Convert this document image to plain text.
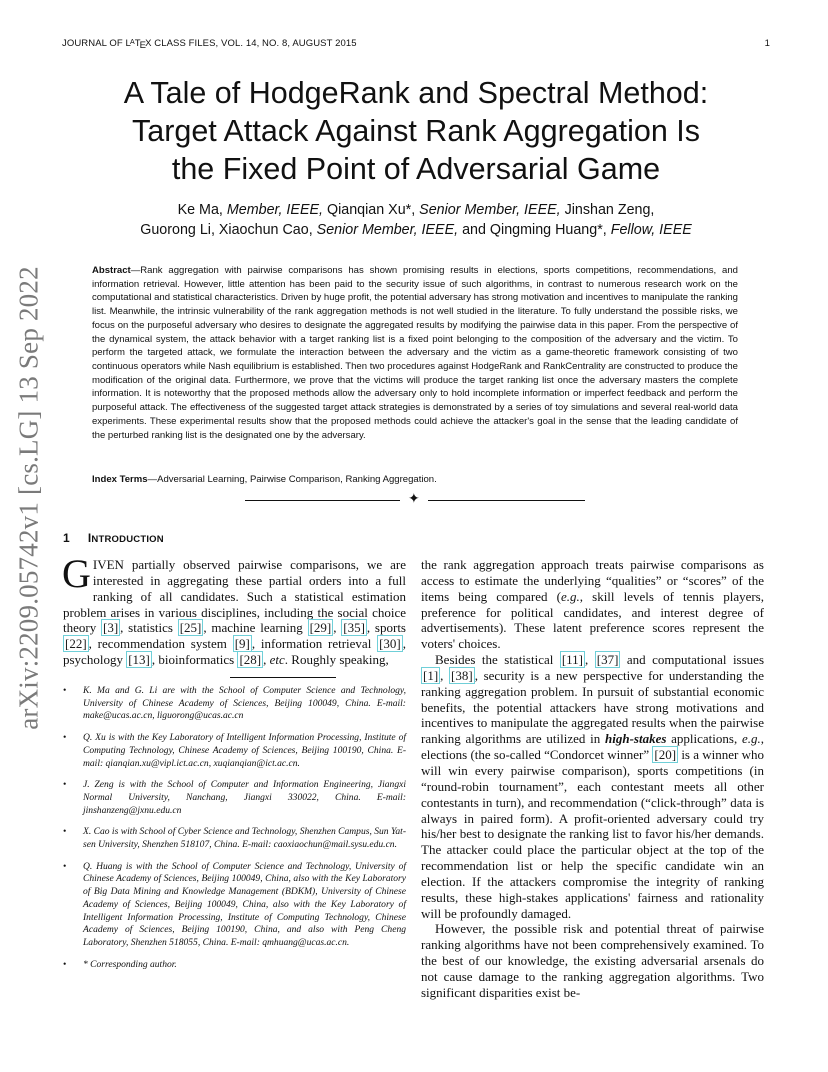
JOURNAL OF $L^ATEX$ CLASS FILES, VOL. 14, NO. 8, AUGUST 2015	1
arXiv:2209.05742v1 [cs.LG] 13 Sep 2022
A Tale of HodgeRank and Spectral Method:
Target Attack Against Rank Aggregation Is
the Fixed Point of Adversarial Game
Ke Ma, Member, IEEE, Qianqian Xu*, Senior Member, IEEE, Jinshan Zeng,
Guorong Li, Xiaochun Cao, Senior Member, IEEE, and Qingming Huang*, Fellow, IEEE
Abstract—Rank aggregation with pairwise comparisons has shown promising results in elections, sports competitions, recommendations, and information retrieval. However, little attention has been paid to the security issue of such algorithms, in contrast to numerous research work on the computational and statistical characteristics. Driven by huge profit, the potential adversary has strong motivation and incentives to manipulate the ranking list. Meanwhile, the intrinsic vulnerability of the rank aggregation methods is not well studied in the literature. To fully understand the possible risks, we focus on the purposeful adversary who desires to designate the aggregated results by modifying the pairwise data in this paper. From the perspective of the dynamical system, the attack behavior with a target ranking list is a fixed point belonging to the composition of the adversary and the victim. To perform the targeted attack, we formulate the interaction between the adversary and the victim as a game-theoretic framework consisting of two continuous operators while Nash equilibrium is established. Then two procedures against HodgeRank and RankCentrality are constructed to produce the modification of the original data. Furthermore, we prove that the victims will produce the target ranking list once the adversary masters the complete information. It is noteworthy that the proposed methods allow the adversary only to hold incomplete information or imperfect feedback and perform the purposeful attack. The effectiveness of the suggested target attack strategies is demonstrated by a series of toy simulations and several real-world data experiments. These experimental results show that the proposed methods could achieve the attacker's goal in the sense that the leading candidate of the perturbed ranking list is the designated one by the adversary.
Index Terms—Adversarial Learning, Pairwise Comparison, Ranking Aggregation.
✦
1 INTRODUCTION

GIVEN partially observed pairwise comparisons, we are interested in aggregating these partial orders into a full ranking of all candidates. Such a statistical estimation problem arises in various disciplines, including the social choice theory [3] , statistics [25] , machine learning [29] , [35] , sports [22] , recommendation system [9] , information retrieval [30] , psychology [13] , bioinformatics [28] , etc. Roughly speaking,

• K. Ma and G. Li are with the School of Computer Science and Technology, University of Chinese Academy of Sciences, Beijing 100049, China. E-mail: make@ucas.ac.cn, liguorong@ucas.ac.cn
• Q. Xu is with the Key Laboratory of Intelligent Information Processing, Institute of Computing Technology, Chinese Academy of Sciences, Beijing 100190, China. E-mail: qianqian.xu@vipl.ict.ac.cn, xuqianqian@ict.ac.cn.
• J. Zeng is with the School of Computer and Information Engineering, Jiangxi Normal University, Nanchang, Jiangxi 330022, China. E-mail: jinshanzeng@jxnu.edu.cn
• X. Cao is with School of Cyber Science and Technology, Shenzhen Campus, Sun Yat-sen University, Shenzhen 518107, China. E-mail: caoxiaochun@mail.sysu.edu.cn.
• Q. Huang is with the School of Computer Science and Technology, University of Chinese Academy of Sciences, Beijing 100049, China, also with the Key Laboratory of Big Data Mining and Knowledge Management (BDKM), University of Chinese Academy of Sciences, Beijing 100049, China, also with the Key Laboratory of Intelligent Information Processing, Institute of Computing Technology, Chinese Academy of Sciences, Beijing 100190, China, and also with Peng Cheng Laboratory, Shenzhen 518055, China. E-mail: qmhuang@ucas.ac.cn.
• * Corresponding author.

the rank aggregation approach treats pairwise comparisons as access to estimate the underlying “qualities” or “scores” of the items being compared (e.g., skill levels of tennis players, preference for political candidates, and interest degree of advertisements). These latent preference scores represent the voters' choices.

Besides the statistical [11] , [37] and computational issues [1] , [38] , security is a new perspective for understanding the ranking aggregation problem. In pursuit of substantial economic benefits, the potential attackers have strong motivations and incentives to manipulate the aggregated results when the pairwise ranking algorithms are utilized in high-stakes applications, e.g., elections (the so-called “Condorcet winner” [20] is a winner who will win every pairwise comparison), sports competitions (in “round-robin tournament”, each contestant meets all other contestants in turn), and recommendation (“click-through” data is always in paired form). A profit-oriented adversary could try his/her best to designate the ranking list to favor his/her demands. The attacker could place the particular object at the top of the recommendation list or help the specific candidate win an election. If the attackers compromise the integrity of ranking results, these high-stakes applications' fairness and rationality will be profoundly damaged.

However, the possible risk and potential threat of pairwise ranking algorithms have not been comprehensively examined. To the best of our knowledge, the existing adversarial arsenals do not cause damage to the ranking aggregation algorithms. Two significant disparities exist be-
